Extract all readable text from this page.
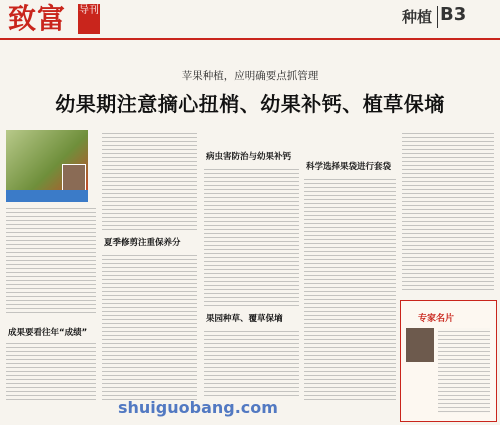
致富 导刊	种植 B3
苹果种植，应明确要点抓管理
幼果期注意摘心扭梢、幼果补钙、植草保墒
成果要看往年“成绩”
夏季修剪注重保养分
病虫害防治与幼果补钙
果园种草、覆草保墒
科学选择果袋进行套袋
专家名片
shuiguobang.com
